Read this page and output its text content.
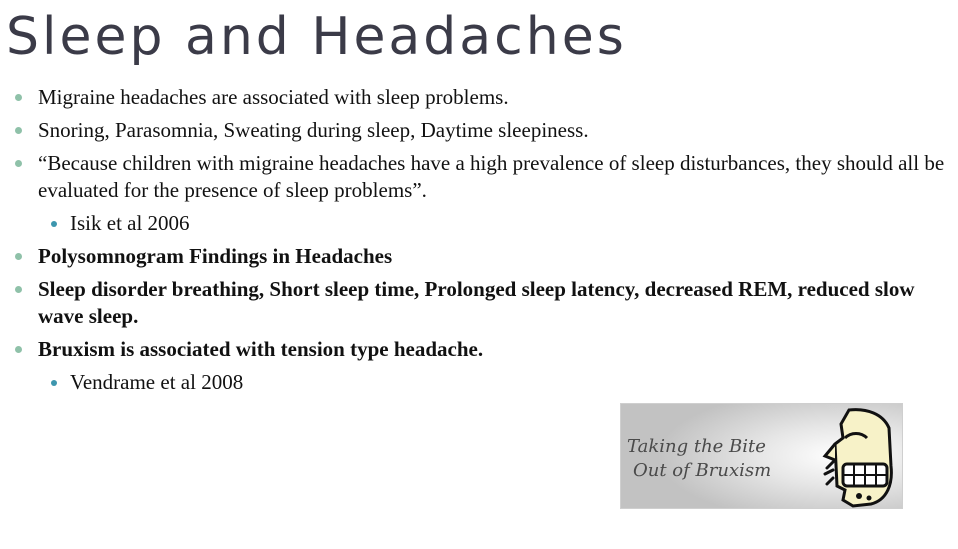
Sleep and Headaches
Migraine headaches are associated with sleep problems.
Snoring, Parasomnia, Sweating during sleep, Daytime sleepiness.
“Because children with migraine headaches have a high prevalence of sleep disturbances, they should all be evaluated for the presence of sleep problems”.
Isik et al 2006
Polysomnogram Findings in Headaches
Sleep disorder breathing, Short sleep time, Prolonged sleep latency, decreased REM, reduced slow wave sleep.
Bruxism is associated with tension type headache.
Vendrame et al 2008
Taking the Bite
Out of Bruxism
